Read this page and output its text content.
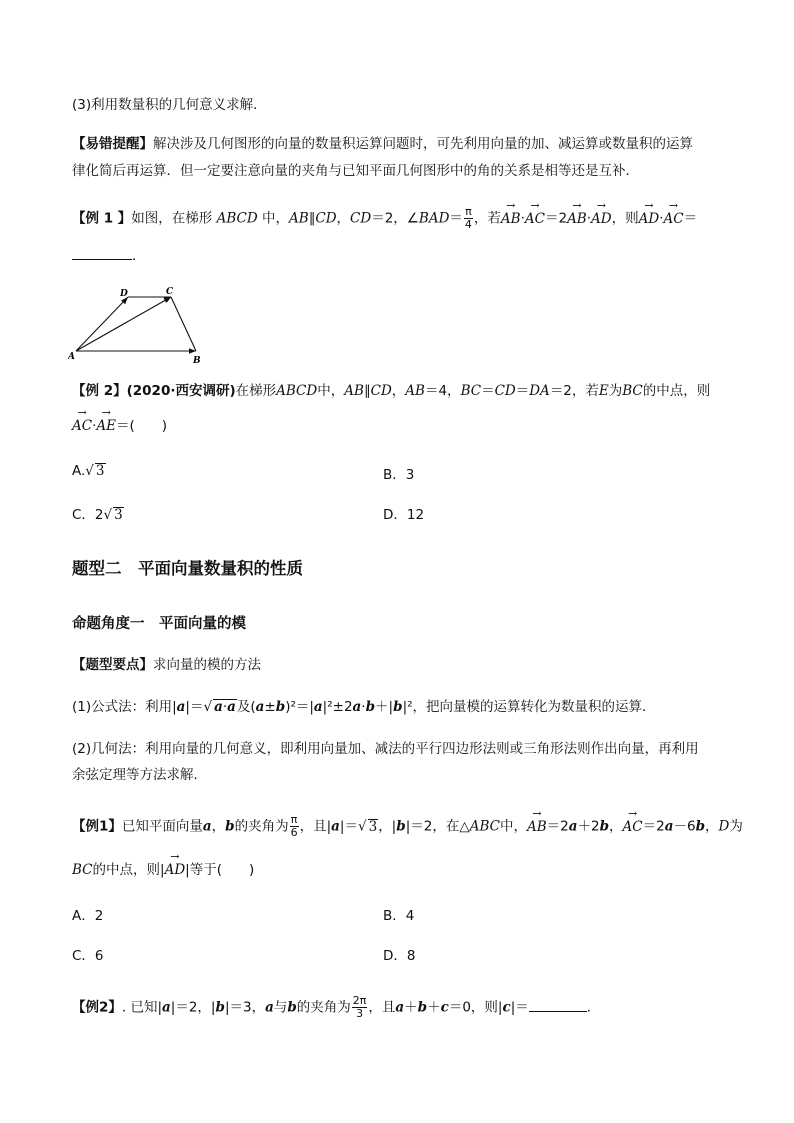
(3)利用数量积的几何意义求解．
【易错提醒】解决涉及几何图形的向量的数量积运算问题时，可先利用向量的加、减运算或数量积的运算
律化简后再运算．但一定要注意向量的夹角与已知平面几何图形中的角的关系是相等还是互补．
【例 1 】如图，在梯形 ABCD 中，AB∥CD，CD＝2，∠BAD＝ $\frac{\pi}{4}$ ，若→ AB·→ AC＝2→ AB·→ AD，则→ AD·→ AC＝
．
A	B
C
D
【例 2】(2020·西安调研)在梯形ABCD中，AB∥CD，AB＝4，BC＝CD＝DA＝2，若E为BC的中点，则
→ AC·→ AE＝(　　)
A.√ 3	B．3
C．2√ 3	D．12
题型二　平面向量数量积的性质
命题角度一　平面向量的模
【题型要点】求向量的模的方法
(1)公式法：利用|a|＝√ a·a及(a±b)²＝|a|²±2a·b＋|b|²，把向量模的运算转化为数量积的运算．
(2)几何法：利用向量的几何意义，即利用向量加、减法的平行四边形法则或三角形法则作出向量，再利用
余弦定理等方法求解．
【例1】已知平面向量a，b的夹角为 $\frac{\pi}{6}$ ，且|a|＝√ 3，|b|＝2，在△ABC中，→ AB＝2a＋2b，→ AC＝2a－6b，D为
BC的中点，则|→ AD|等于(　　)
A．2	B．4
C．6	D．8
【例2】. 已知|a|＝2，|b|＝3，a与b的夹角为 $\frac{2\pi}{3}$ ，且a＋b＋c＝0，则|c|＝	.
